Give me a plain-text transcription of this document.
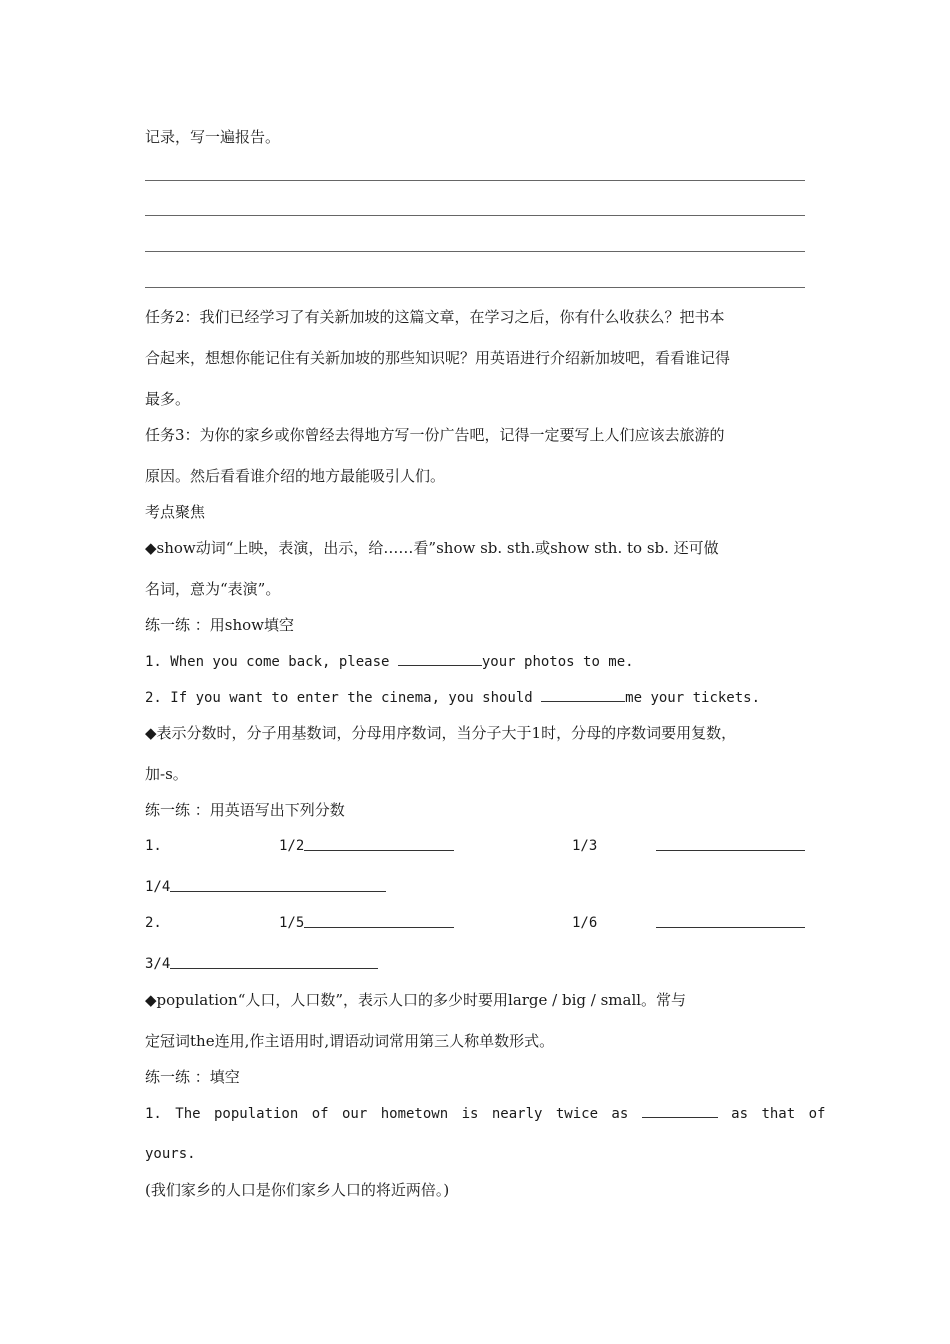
记录，写一遍报告。
任务2：我们已经学习了有关新加坡的这篇文章，在学习之后，你有什么收获么？把书本
合起来，想想你能记住有关新加坡的那些知识呢？用英语进行介绍新加坡吧，看看谁记得
最多。
任务3：为你的家乡或你曾经去得地方写一份广告吧，记得一定要写上人们应该去旅游的
原因。然后看看谁介绍的地方最能吸引人们。
考点聚焦
◆show动词“上映，表演，出示，给……看”show sb. sth.或show sth. to sb. 还可做
名词，意为“表演”。
练一练 ：用show填空
1. When you come back, please	your photos to me.
2. If you want to enter the cinema, you should	me your tickets.
◆表示分数时，分子用基数词，分母用序数词，当分子大于1时，分母的序数词要用复数，
加-s。
练一练 ：用英语写出下列分数
1.	1/2	1/3
1/4
2.	1/5	1/6
3/4
◆population“人口，人口数”，表示人口的多少时要用large / big / small。常与
定冠词the连用,作主语用时,谓语动词常用第三人称单数形式。
练一练 ：填空
1. The population of our hometown is nearly twice as	as that of
yours.
(我们家乡的人口是你们家乡人口的将近两倍。)
